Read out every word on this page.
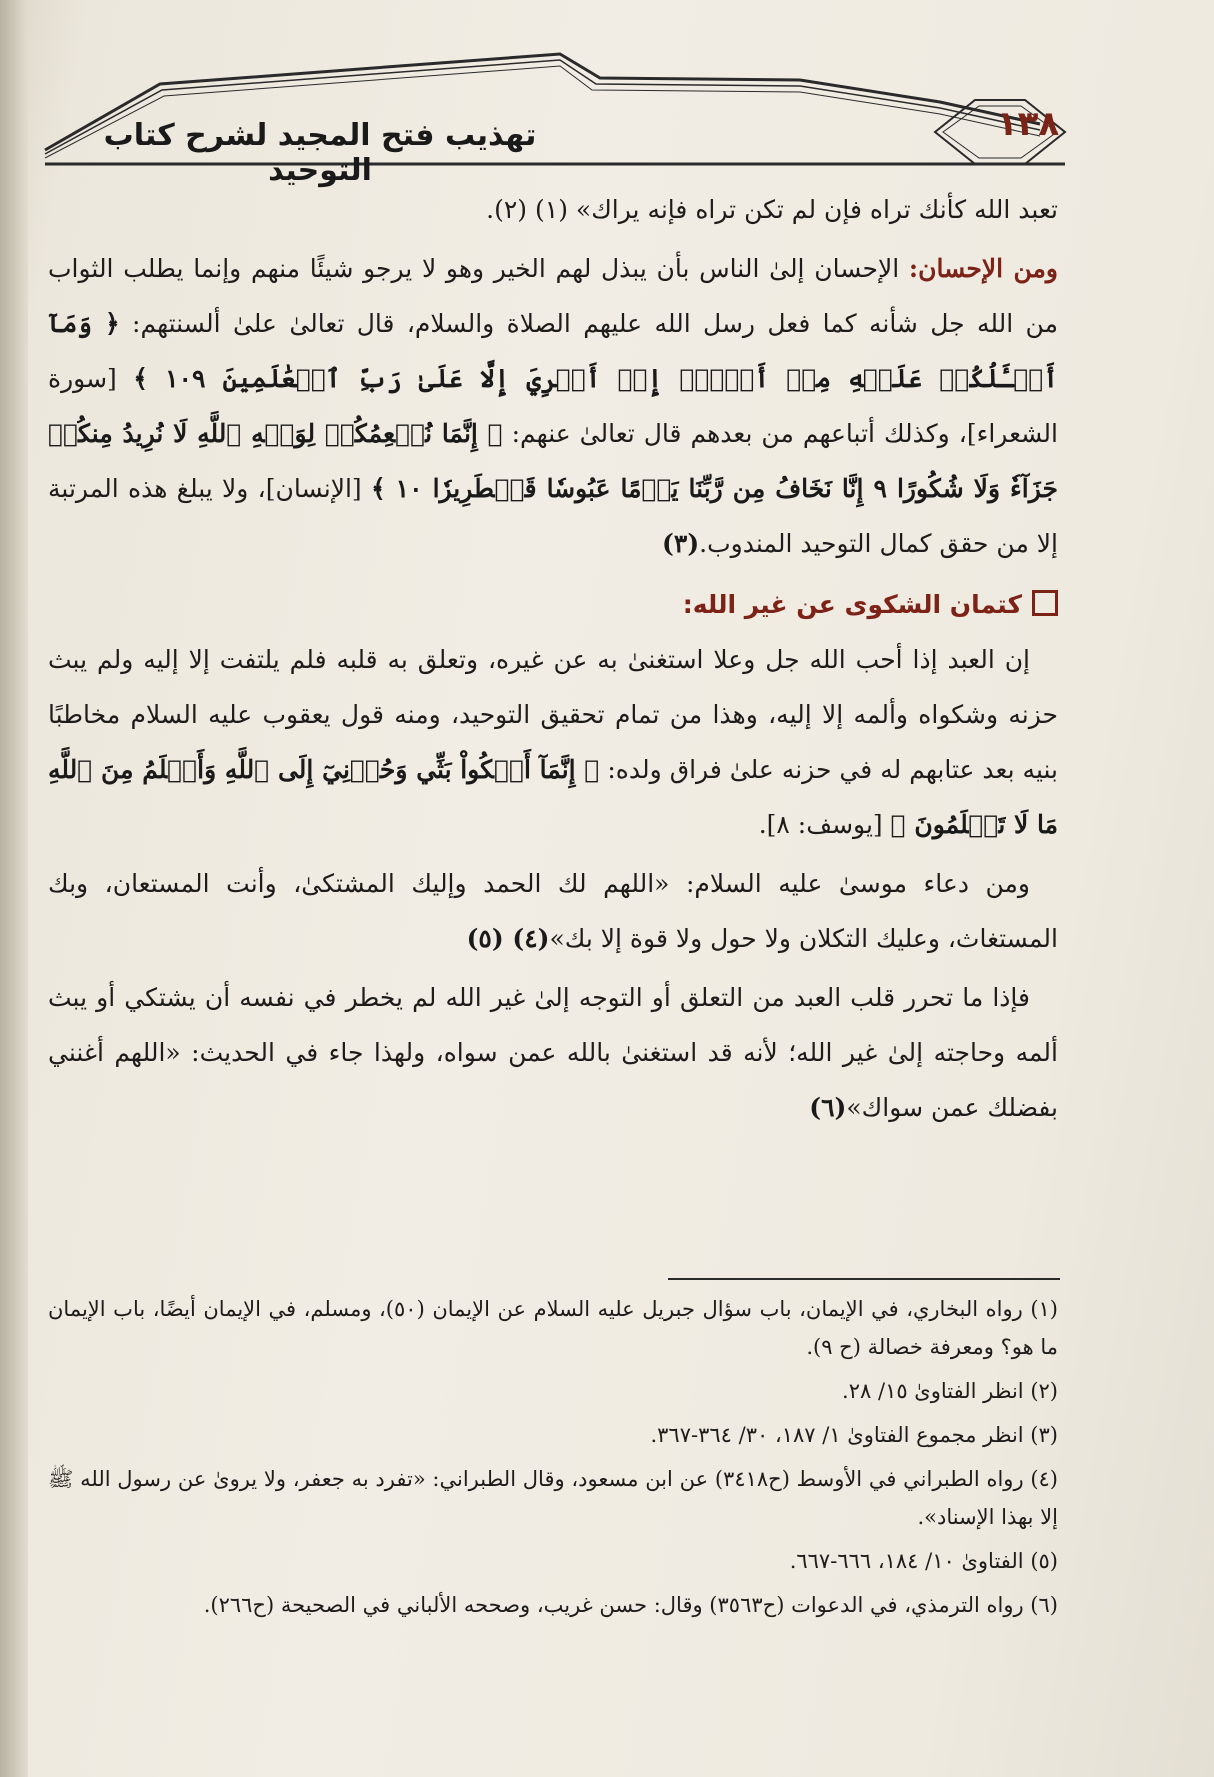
١٣٨
تهذيب فتح المجيد لشرح كتاب التوحيد

تعبد الله كأنك تراه فإن لم تكن تراه فإنه يراك» (١) (٢).

ومن الإحسان: الإحسان إلىٰ الناس بأن يبذل لهم الخير وهو لا يرجو شيئًا منهم وإنما يطلب الثواب من الله جل شأنه كما فعل رسل الله عليهم الصلاة والسلام، قال تعالىٰ علىٰ ألسنتهم: ﴿ وَمَآ أَسۡـَٔلُكُمۡ عَلَيۡهِ مِنۡ أَجۡرٍۖ إِنۡ أَجۡرِيَ إِلَّا عَلَىٰ رَبِّ ٱلۡعَٰلَمِينَ ١٠٩ ﴾ [سورة الشعراء]، وكذلك أتباعهم من بعدهم قال تعالىٰ عنهم: ﴿ إِنَّمَا نُطۡعِمُكُمۡ لِوَجۡهِ ٱللَّهِ لَا نُرِيدُ مِنكُمۡ جَزَآءٗ وَلَا شُكُورًا ٩ إِنَّا نَخَافُ مِن رَّبِّنَا يَوۡمًا عَبُوسٗا قَمۡطَرِيرٗا ١٠ ﴾ [الإنسان]، ولا يبلغ هذه المرتبة إلا من حقق كمال التوحيد المندوب.(٣)

كتمان الشكوى عن غير الله:

إن العبد إذا أحب الله جل وعلا استغنىٰ به عن غيره، وتعلق به قلبه فلم يلتفت إلا إليه ولم يبث حزنه وشكواه وألمه إلا إليه، وهذا من تمام تحقيق التوحيد، ومنه قول يعقوب عليه السلام مخاطبًا بنيه بعد عتابهم له في حزنه علىٰ فراق ولده: ﴿ إِنَّمَآ أَشۡكُواْ بَثِّي وَحُزۡنِيٓ إِلَى ٱللَّهِ وَأَعۡلَمُ مِنَ ٱللَّهِ مَا لَا تَعۡلَمُونَ ﴾ [يوسف: ٨].

ومن دعاء موسىٰ عليه السلام: «اللهم لك الحمد وإليك المشتكىٰ، وأنت المستعان، وبك المستغاث، وعليك التكلان ولا حول ولا قوة إلا بك»(٤) (٥)

فإذا ما تحرر قلب العبد من التعلق أو التوجه إلىٰ غير الله لم يخطر في نفسه أن يشتكي أو يبث ألمه وحاجته إلىٰ غير الله؛ لأنه قد استغنىٰ بالله عمن سواه، ولهذا جاء في الحديث: «اللهم أغنني بفضلك عمن سواك»(٦)

(١) رواه البخاري، في الإيمان، باب سؤال جبريل عليه السلام عن الإيمان (٥٠)، ومسلم، في الإيمان أيضًا، باب الإيمان ما هو؟ ومعرفة خصالة (ح ٩).

(٢) انظر الفتاوىٰ ١٥/ ٢٨.

(٣) انظر مجموع الفتاوىٰ ١/ ١٨٧، ٣٠/ ٣٦٤-٣٦٧.

(٤) رواه الطبراني في الأوسط (ح٣٤١٨) عن ابن مسعود، وقال الطبراني: «تفرد به جعفر، ولا يروىٰ عن رسول الله ﷺ إلا بهذا الإسناد».

(٥) الفتاوىٰ ١٠/ ١٨٤، ٦٦٦-٦٦٧.

(٦) رواه الترمذي، في الدعوات (ح٣٥٦٣) وقال: حسن غريب، وصححه الألباني في الصحيحة (ح٢٦٦).
